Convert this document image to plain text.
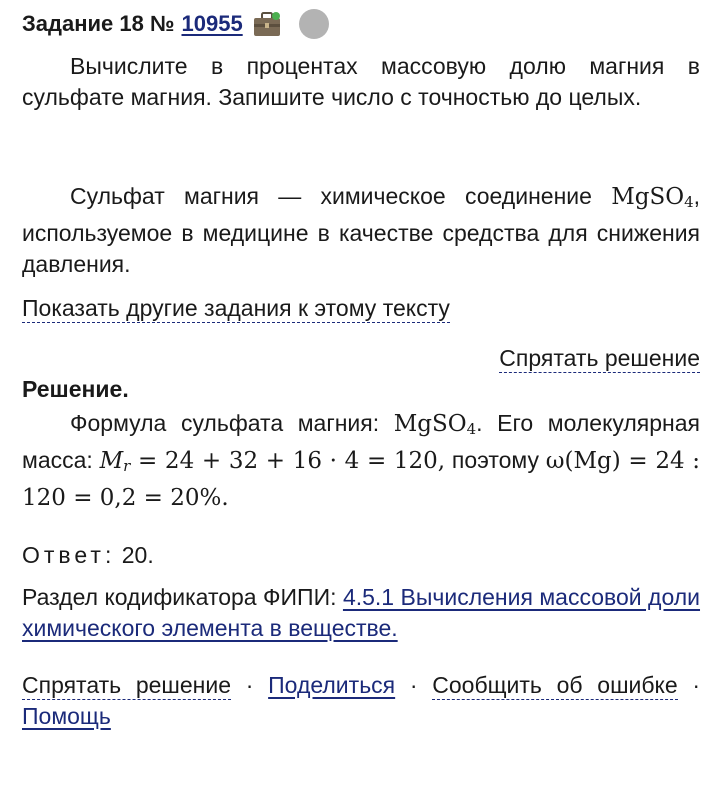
Задание 18 № 10955
Вычислите в процентах массовую долю магния в сульфате магния. Запишите число с точностью до целых.
Сульфат магния — химическое соединение MgSO$_4$, используемое в медицине в качестве средства для снижения давления.
Показать другие задания к этому тексту
Спрятать решение
Решение.
Формула сульфата магния: MgSO$_4$. Его молекулярная масса: $M_r = 24 + 32 + 16 \cdot 4 = 120$, поэтому ω(Mg) = 24 : 120 = 0,2 = 20%.
Ответ: 20.
Раздел кодификатора ФИПИ: 4.5.1 Вычисления массовой доли химического элемента в веществе.
Спрятать решение · Поделиться · Сообщить об ошибке · Помощь
